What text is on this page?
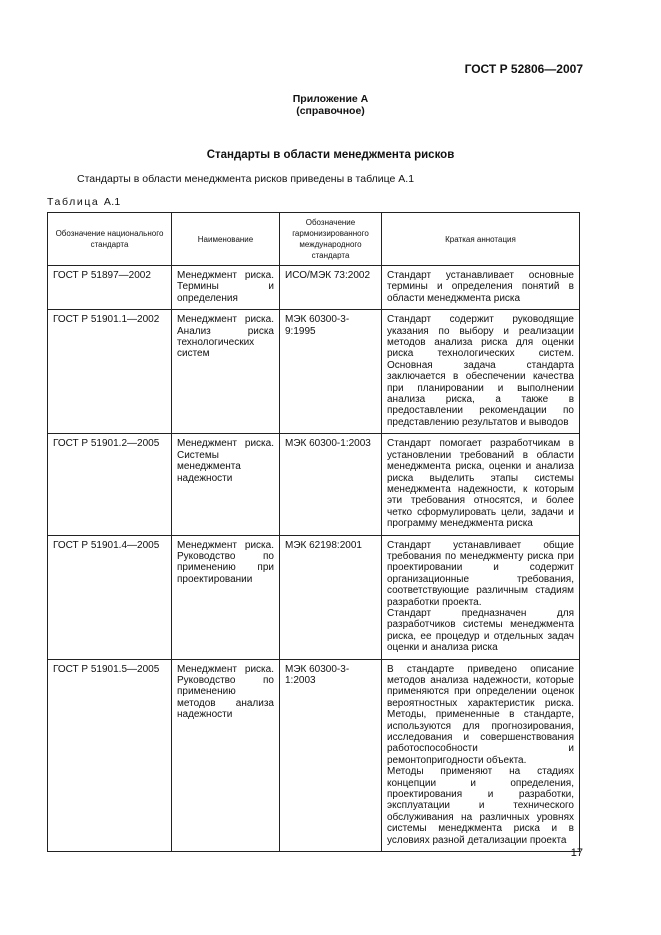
ГОСТ Р 52806—2007
Приложение А
(справочное)
Стандарты в области менеджмента рисков
Стандарты в области менеджмента рисков приведены в таблице А.1
Таблица А.1
Обозначение национального стандарта	Наименование	Обозначение гармонизированного международного стандарта	Краткая аннотация
ГОСТ Р 51897—2002	Менеджмент риска. Термины и определения	ИСО/МЭК 73:2002	Стандарт устанавливает основные термины и определения понятий в области менеджмента риска
ГОСТ Р 51901.1—2002	Менеджмент риска. Анализ риска технологических систем	МЭК 60300-3-9:1995	Стандарт содержит руководящие указания по выбору и реализации методов анализа риска для оценки риска технологических систем. Основная задача стандарта заключается в обеспечении качества при планировании и выполнении анализа риска, а также в предоставлении рекомендации по представлению результатов и выводов
ГОСТ Р 51901.2—2005	Менеджмент риска. Системы менеджмента надежности	МЭК 60300-1:2003	Стандарт помогает разработчикам в установлении требований в области менеджмента риска, оценки и анализа риска выделить этапы системы менеджмента надежности, к которым эти требования относятся, и более четко сформулировать цели, задачи и программу менеджмента риска
ГОСТ Р 51901.4—2005	Менеджмент риска. Руководство по применению при проектировании	МЭК 62198:2001	Стандарт устанавливает общие требования по менеджменту риска при проектировании и содержит организационные требования, соответствующие различным стадиям разработки проекта.
Стандарт предназначен для разработчиков системы менеджмента риска, ее процедур и отдельных задач оценки и анализа риска
ГОСТ Р 51901.5—2005	Менеджмент риска. Руководство по применению методов анализа надежности	МЭК 60300-3-1:2003	В стандарте приведено описание методов анализа надежности, которые применяются при определении оценок вероятностных характеристик риска. Методы, примененные в стандарте, используются для прогнозирования, исследования и совершенствования работоспособности и ремонтопригодности объекта.
Методы применяют на стадиях концепции и определения, проектирования и разработки, эксплуатации и технического обслуживания на различных уровнях системы менеджмента риска и в условиях разной детализации проекта
17
